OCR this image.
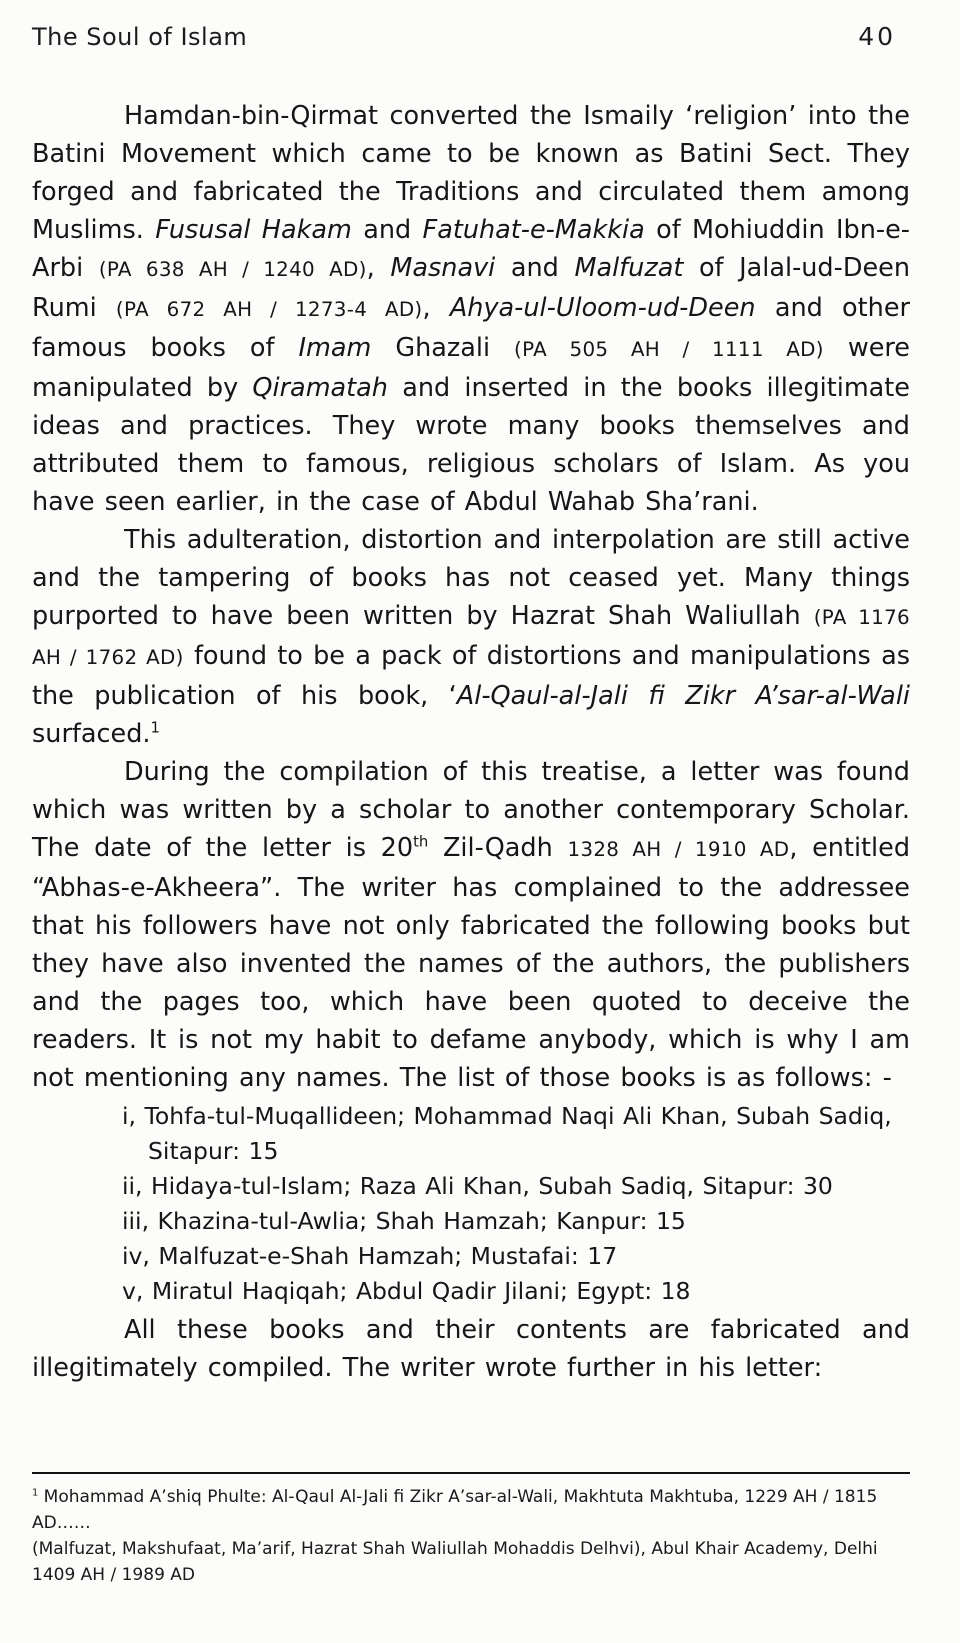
The Soul of Islam	40

Hamdan-bin-Qirmat converted the Ismaily ‘religion’ into the Batini Movement which came to be known as Batini Sect. They forged and fabricated the Traditions and circulated them among Muslims. Fususal Hakam and Fatuhat-e-Makkia of Mohiuddin Ibn-e-Arbi (PA 638 AH / 1240 AD), Masnavi and Malfuzat of Jalal-ud-Deen Rumi (PA 672 AH / 1273-4 AD), Ahya-ul-Uloom-ud-Deen and other famous books of Imam Ghazali (PA 505 AH / 1111 AD) were manipulated by Qiramatah and inserted in the books illegitimate ideas and practices. They wrote many books themselves and attributed them to famous, religious scholars of Islam. As you have seen earlier, in the case of Abdul Wahab Sha’rani.

This adulteration, distortion and interpolation are still active and the tampering of books has not ceased yet. Many things purported to have been written by Hazrat Shah Waliullah (PA 1176 AH / 1762 AD) found to be a pack of distortions and manipulations as the publication of his book, ‘Al-Qaul-al-Jali fi Zikr A’sar-al-Wali surfaced.$^1$

During the compilation of this treatise, a letter was found which was written by a scholar to another contemporary Scholar. The date of the letter is 20th Zil-Qadh 1328 AH / 1910 AD, entitled “Abhas-e-Akheera”. The writer has complained to the addressee that his followers have not only fabricated the following books but they have also invented the names of the authors, the publishers and the pages too, which have been quoted to deceive the readers. It is not my habit to defame anybody, which is why I am not mentioning any names. The list of those books is as follows: -

i, Tohfa-tul-Muqallideen; Mohammad Naqi Ali Khan, Subah Sadiq, Sitapur: 15
ii, Hidaya-tul-Islam; Raza Ali Khan, Subah Sadiq, Sitapur: 30
iii, Khazina-tul-Awlia; Shah Hamzah; Kanpur: 15
iv, Malfuzat-e-Shah Hamzah; Mustafai: 17
v, Miratul Haqiqah; Abdul Qadir Jilani; Egypt: 18

All these books and their contents are fabricated and illegitimately compiled. The writer wrote further in his letter:

$^1$ Mohammad A’shiq Phulte: Al-Qaul Al-Jali fi Zikr A’sar-al-Wali, Makhtuta Makhtuba, 1229 AH / 1815 AD……

(Malfuzat, Makshufaat, Ma’arif, Hazrat Shah Waliullah Mohaddis Delhvi), Abul Khair Academy, Delhi 1409 AH / 1989 AD
